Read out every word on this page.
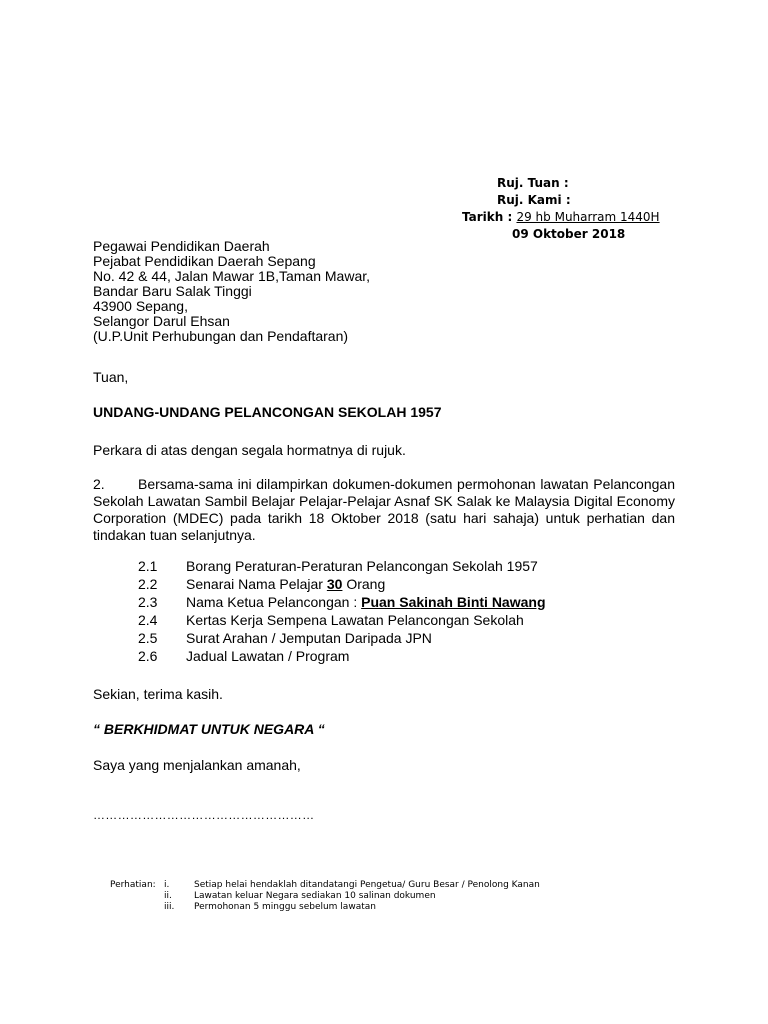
Ruj. Tuan :
Ruj. Kami :
Tarikh : 29 hb Muharram 1440H
09 Oktober 2018
Pegawai Pendidikan Daerah
Pejabat Pendidikan Daerah Sepang
No. 42 & 44, Jalan Mawar 1B,Taman Mawar,
Bandar Baru Salak Tinggi
43900 Sepang,
Selangor Darul Ehsan
(U.P.Unit Perhubungan dan Pendaftaran)
Tuan,
UNDANG-UNDANG PELANCONGAN SEKOLAH 1957
Perkara di atas dengan segala hormatnya di rujuk.
2. Bersama-sama ini dilampirkan dokumen-dokumen permohonan lawatan Pelancongan Sekolah Lawatan Sambil Belajar Pelajar-Pelajar Asnaf SK Salak ke Malaysia Digital Economy Corporation (MDEC) pada tarikh 18 Oktober 2018 (satu hari sahaja) untuk perhatian dan tindakan tuan selanjutnya.
2.1	Borang Peraturan-Peraturan Pelancongan Sekolah 1957
2.2	Senarai Nama Pelajar 30 Orang
2.3	Nama Ketua Pelancongan : Puan Sakinah Binti Nawang
2.4	Kertas Kerja Sempena Lawatan Pelancongan Sekolah
2.5	Surat Arahan / Jemputan Daripada JPN
2.6	Jadual Lawatan / Program
Sekian, terima kasih.
“ BERKHIDMAT UNTUK NEGARA “
Saya yang menjalankan amanah,
………………………………………………
Perhatian: i.	Setiap helai hendaklah ditandatangi Pengetua/ Guru Besar / Penolong Kanan
ii.	Lawatan keluar Negara sediakan 10 salinan dokumen
iii.	Permohonan 5 minggu sebelum lawatan
